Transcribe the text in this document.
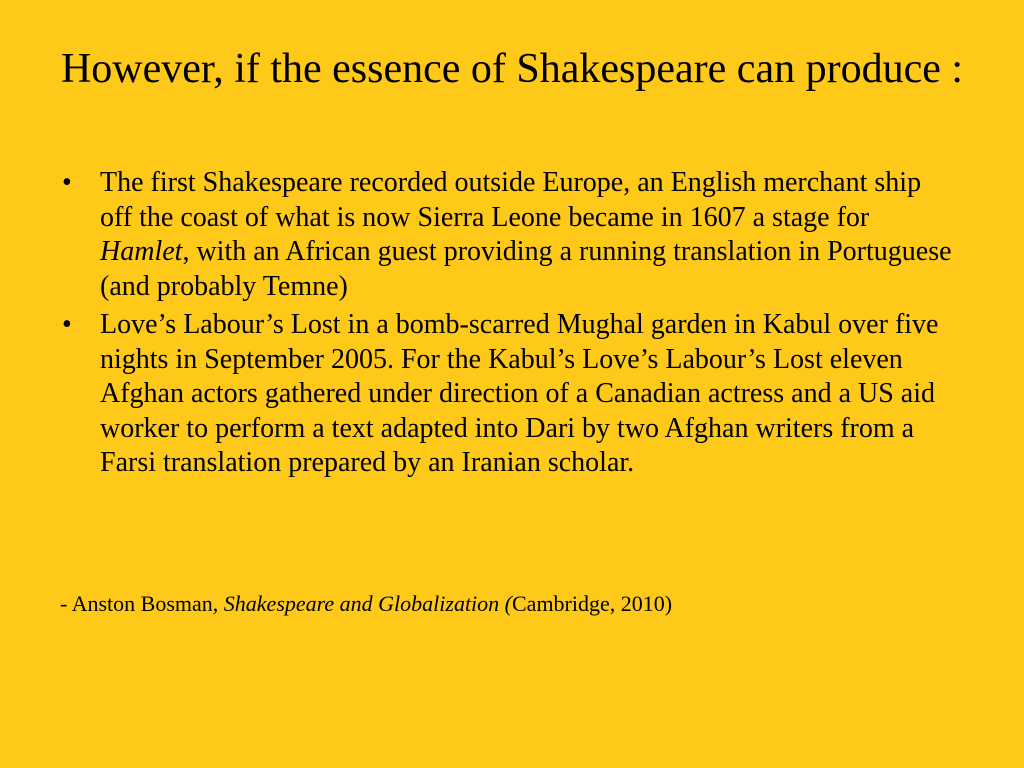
However, if the essence of Shakespeare can produce :
• The first Shakespeare recorded outside Europe, an English merchant ship off the coast of what is now Sierra Leone became in 1607 a stage for Hamlet, with an African guest providing a running translation in Portuguese (and probably Temne)
• Love’s Labour’s Lost in a bomb-scarred Mughal garden in Kabul over five nights in September 2005. For the Kabul’s Love’s Labour’s Lost eleven Afghan actors gathered under direction of a Canadian actress and a US aid worker to perform a text adapted into Dari by two Afghan writers from a Farsi translation prepared by an Iranian scholar.
- Anston Bosman, Shakespeare and Globalization (Cambridge, 2010)
